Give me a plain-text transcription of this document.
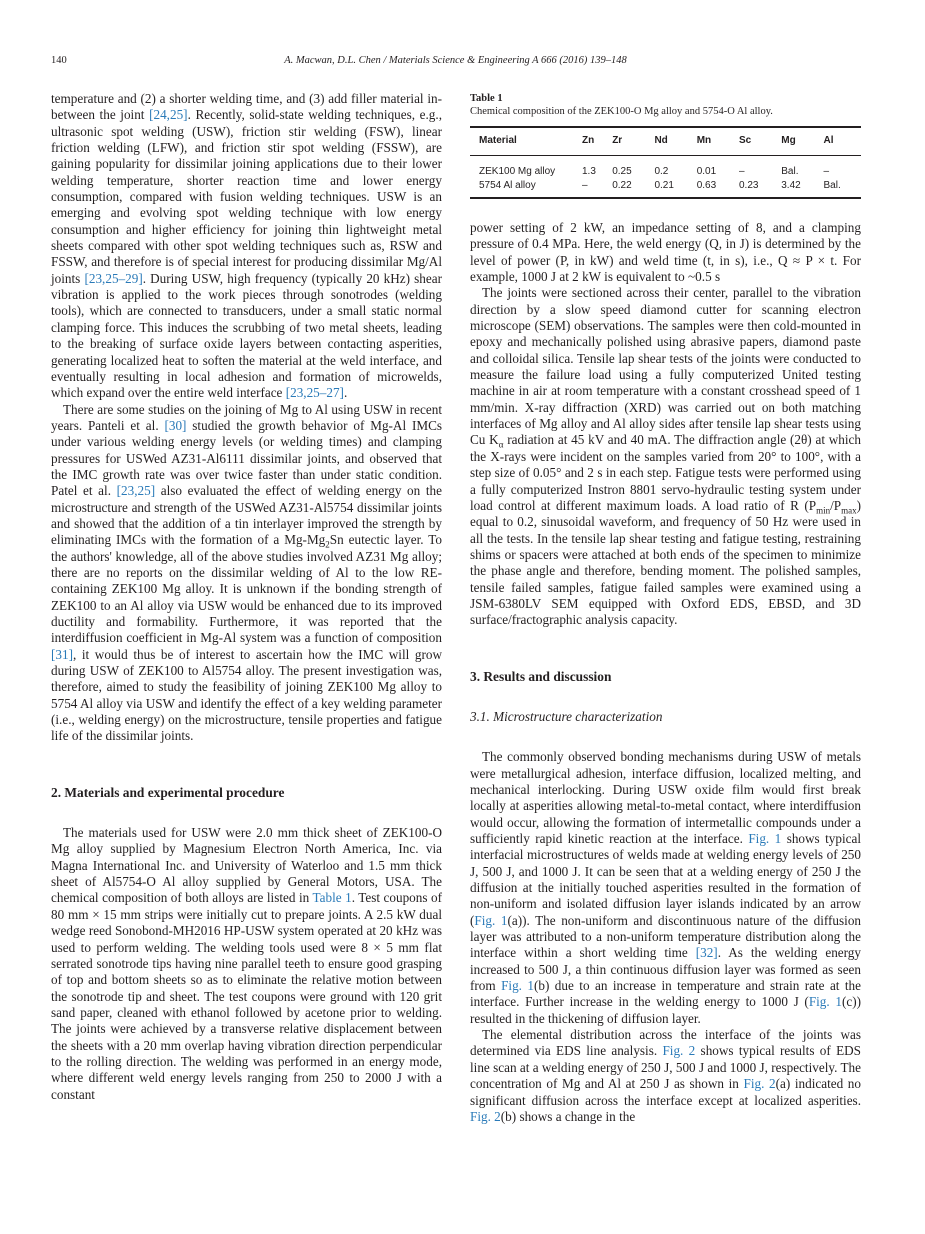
140	A. Macwan, D.L. Chen / Materials Science & Engineering A 666 (2016) 139–148

temperature and (2) a shorter welding time, and (3) add filler material in-between the joint [24,25]. Recently, solid-state welding techniques, e.g., ultrasonic spot welding (USW), friction stir welding (FSW), linear friction welding (LFW), and friction stir spot welding (FSSW), are gaining popularity for dissimilar joining applications due to their lower welding temperature, shorter reaction time and lower energy consumption, compared with fusion welding techniques. USW is an emerging and evolving spot welding technique with low energy consumption and higher efficiency for joining thin lightweight metal sheets compared with other spot welding techniques such as, RSW and FSSW, and therefore is of special interest for producing dissimilar Mg/Al joints [23,25–29]. During USW, high frequency (typically 20 kHz) shear vibration is applied to the work pieces through sonotrodes (welding tools), which are connected to transducers, under a small static normal clamping force. This induces the scrubbing of two metal sheets, leading to the breaking of surface oxide layers between contacting asperities, generating localized heat to soften the material at the weld interface, and eventually resulting in local adhesion and formation of microwelds, which expand over the entire weld interface [23,25–27].

There are some studies on the joining of Mg to Al using USW in recent years. Panteli et al. [30] studied the growth behavior of Mg-Al IMCs under various welding energy levels (or welding times) and clamping pressures for USWed AZ31-Al6111 dissimilar joints, and observed that the IMC growth rate was over twice faster than under static condition. Patel et al. [23,25] also evaluated the effect of welding energy on the microstructure and strength of the USWed AZ31-Al5754 dissimilar joints and showed that the addition of a tin interlayer improved the strength by eliminating IMCs with the formation of a $Mg-Mg_2Sn$ eutectic layer. To the authors' knowledge, all of the above studies involved AZ31 Mg alloy; there are no reports on the dissimilar welding of Al to the low RE-containing ZEK100 Mg alloy. It is unknown if the bonding strength of ZEK100 to an Al alloy via USW would be enhanced due to its improved ductility and formability. Furthermore, it was reported that the interdiffusion coefficient in Mg-Al system was a function of composition [31], it would thus be of interest to ascertain how the IMC will grow during USW of ZEK100 to Al5754 alloy. The present investigation was, therefore, aimed to study the feasibility of joining ZEK100 Mg alloy to 5754 Al alloy via USW and identify the effect of a key welding parameter (i.e., welding energy) on the microstructure, tensile properties and fatigue life of the dissimilar joints.

2. Materials and experimental procedure

The materials used for USW were 2.0 mm thick sheet of ZEK100-O Mg alloy supplied by Magnesium Electron North America, Inc. via Magna International Inc. and University of Waterloo and 1.5 mm thick sheet of Al5754-O Al alloy supplied by General Motors, USA. The chemical composition of both alloys are listed in Table 1. Test coupons of 80 mm × 15 mm strips were initially cut to prepare joints. A 2.5 kW dual wedge reed Sonobond-MH2016 HP-USW system operated at 20 kHz was used to perform welding. The welding tools used were 8 × 5 mm flat serrated sonotrode tips having nine parallel teeth to ensure good grasping of top and bottom sheets so as to eliminate the relative motion between the sonotrode tip and sheet. The test coupons were ground with 120 grit sand paper, cleaned with ethanol followed by acetone prior to welding. The joints were achieved by a transverse relative displacement between the sheets with a 20 mm overlap having vibration direction perpendicular to the rolling direction. The welding was performed in an energy mode, where different weld energy levels ranging from 250 to 2000 J with a constant

Table 1
Chemical composition of the ZEK100-O Mg alloy and 5754-O Al alloy.
Material	Zn	Zr	Nd	Mn	Sc	Mg	Al
ZEK100 Mg alloy	1.3	0.25	0.2	0.01	–	Bal.	–
5754 Al alloy	–	0.22	0.21	0.63	0.23	3.42	Bal.

power setting of 2 kW, an impedance setting of 8, and a clamping pressure of 0.4 MPa. Here, the weld energy (Q, in J) is determined by the level of power (P, in kW) and weld time (t, in s), i.e., Q ≈ P × t. For example, 1000 J at 2 kW is equivalent to ~0.5 s

The joints were sectioned across their center, parallel to the vibration direction by a slow speed diamond cutter for scanning electron microscope (SEM) observations. The samples were then cold-mounted in epoxy and mechanically polished using abrasive papers, diamond paste and colloidal silica. Tensile lap shear tests of the joints were conducted to measure the failure load using a fully computerized United testing machine in air at room temperature with a constant crosshead speed of 1 mm/min. X-ray diffraction (XRD) was carried out on both matching interfaces of Mg alloy and Al alloy sides after tensile lap shear tests using Cu $K_\alpha$ radiation at 45 kV and 40 mA. The diffraction angle (2θ) at which the X-rays were incident on the samples varied from 20° to 100°, with a step size of 0.05° and 2 s in each step. Fatigue tests were performed using a fully computerized Instron 8801 servo-hydraulic testing system under load control at different maximum loads. A load ratio of R $(P_{min}/P_{max})$ equal to 0.2, sinusoidal waveform, and frequency of 50 Hz were used in all the tests. In the tensile lap shear testing and fatigue testing, restraining shims or spacers were attached at both ends of the specimen to minimize the phase angle and therefore, bending moment. The polished samples, tensile failed samples, fatigue failed samples were examined using a JSM-6380LV SEM equipped with Oxford EDS, EBSD, and 3D surface/fractographic analysis capacity.

3. Results and discussion
3.1. Microstructure characterization

The commonly observed bonding mechanisms during USW of metals were metallurgical adhesion, interface diffusion, localized melting, and mechanical interlocking. During USW oxide film would first break locally at asperities allowing metal-to-metal contact, where interdiffusion would occur, allowing the formation of intermetallic compounds under a sufficiently rapid kinetic reaction at the interface. Fig. 1 shows typical interfacial microstructures of welds made at welding energy levels of 250 J, 500 J, and 1000 J. It can be seen that at a welding energy of 250 J the diffusion at the initially touched asperities resulted in the formation of non-uniform and isolated diffusion layer islands indicated by an arrow (Fig. 1(a)). The non-uniform and discontinuous nature of the diffusion layer was attributed to a non-uniform temperature distribution along the interface within a short welding time [32]. As the welding energy increased to 500 J, a thin continuous diffusion layer was formed as seen from Fig. 1(b) due to an increase in temperature and strain rate at the interface. Further increase in the welding energy to 1000 J (Fig. 1(c)) resulted in the thickening of diffusion layer.

The elemental distribution across the interface of the joints was determined via EDS line analysis. Fig. 2 shows typical results of EDS line scan at a welding energy of 250 J, 500 J and 1000 J, respectively. The concentration of Mg and Al at 250 J as shown in Fig. 2(a) indicated no significant diffusion across the interface except at localized asperities. Fig. 2(b) shows a change in the
